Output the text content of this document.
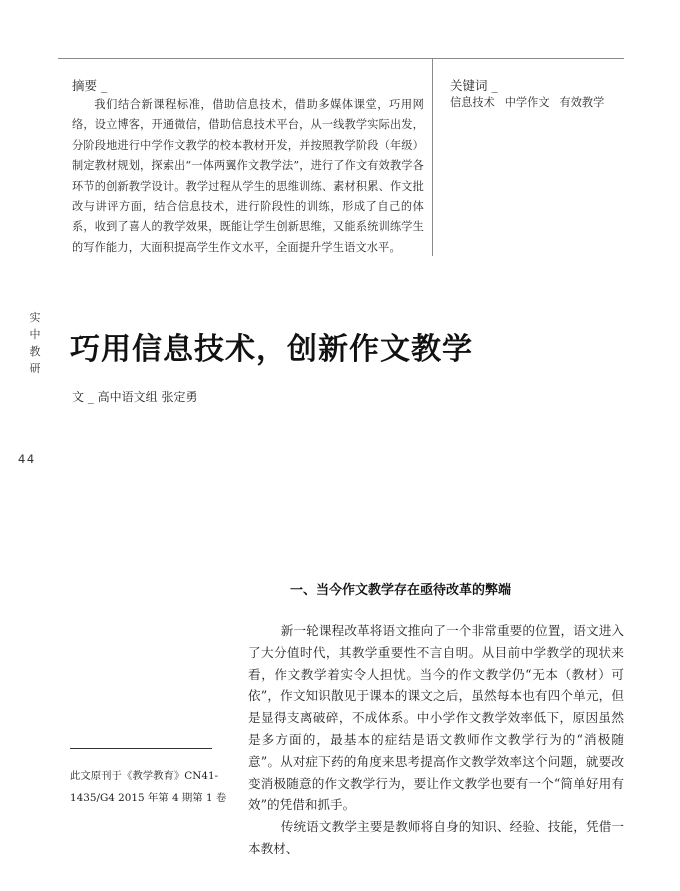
摘要 _
我们结合新课程标准，借助信息技术，借助多媒体课堂，巧用网络，设立博客，开通微信，借助信息技术平台，从一线教学实际出发，分阶段地进行中学作文教学的校本教材开发，并按照教学阶段（年级）制定教材规划，探索出“一体两翼作文教学法”，进行了作文有效教学各环节的创新教学设计。教学过程从学生的思维训练、素材积累、作文批改与讲评方面，结合信息技术，进行阶段性的训练，形成了自己的体系，收到了喜人的教学效果，既能让学生创新思维，又能系统训练学生的写作能力，大面积提高学生作文水平，全面提升学生语文水平。
关键词 _
信息技术 中学作文 有效教学
实
中
教
研
44
巧用信息技术，创新作文教学
文 _ 高中语文组 张定勇
一、当今作文教学存在亟待改革的弊端

新一轮课程改革将语文推向了一个非常重要的位置，语文进入了大分值时代，其教学重要性不言自明。从目前中学教学的现状来看，作文教学着实令人担忧。当今的作文教学仍“无本（教材）可依”，作文知识散见于课本的课文之后，虽然每本也有四个单元，但是显得支离破碎，不成体系。中小学作文教学效率低下，原因虽然是多方面的，最基本的症结是语文教师作文教学行为的“消极随意”。从对症下药的角度来思考提高作文教学效率这个问题，就要改变消极随意的作文教学行为，要让作文教学也要有一个“简单好用有效”的凭借和抓手。

传统语文教学主要是教师将自身的知识、经验、技能，凭借一本教材、

此文原刊于《教学教育》CN41-1435/G4 2015 年第 4 期第 1 卷
